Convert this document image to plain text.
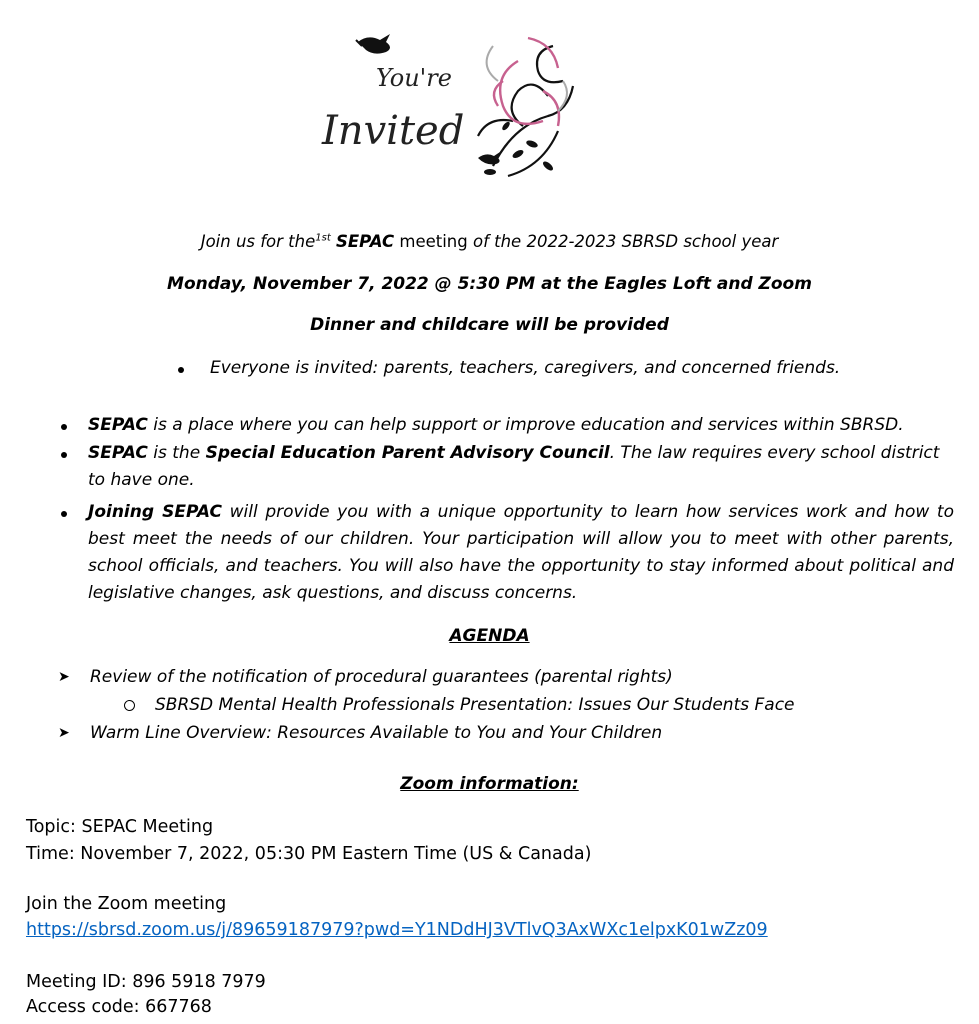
You're
Invited
Join us for the$^{1st}$ SEPAC meeting of the 2022-2023 SBRSD school year
Monday, November 7, 2022 @ 5:30 PM at the Eagles Loft and Zoom
Dinner and childcare will be provided
Everyone is invited: parents, teachers, caregivers, and concerned friends.
SEPAC is a place where you can help support or improve education and services within SBRSD.
SEPAC is the Special Education Parent Advisory Council. The law requires every school district to have one.
Joining SEPAC will provide you with a unique opportunity to learn how services work and how to best meet the needs of our children. Your participation will allow you to meet with other parents, school officials, and teachers. You will also have the opportunity to stay informed about political and legislative changes, ask questions, and discuss concerns.
AGENDA
➤ Review of the notification of procedural guarantees (parental rights)
SBRSD Mental Health Professionals Presentation: Issues Our Students Face
➤ Warm Line Overview: Resources Available to You and Your Children
Zoom information:
Topic: SEPAC Meeting
Time: November 7, 2022, 05:30 PM Eastern Time (US & Canada)
Join the Zoom meeting
https://sbrsd.zoom.us/j/89659187979?pwd=Y1NDdHJ3VTlvQ3AxWXc1elpxK01wZz09
Meeting ID: 896 5918 7979
Access code: 667768
